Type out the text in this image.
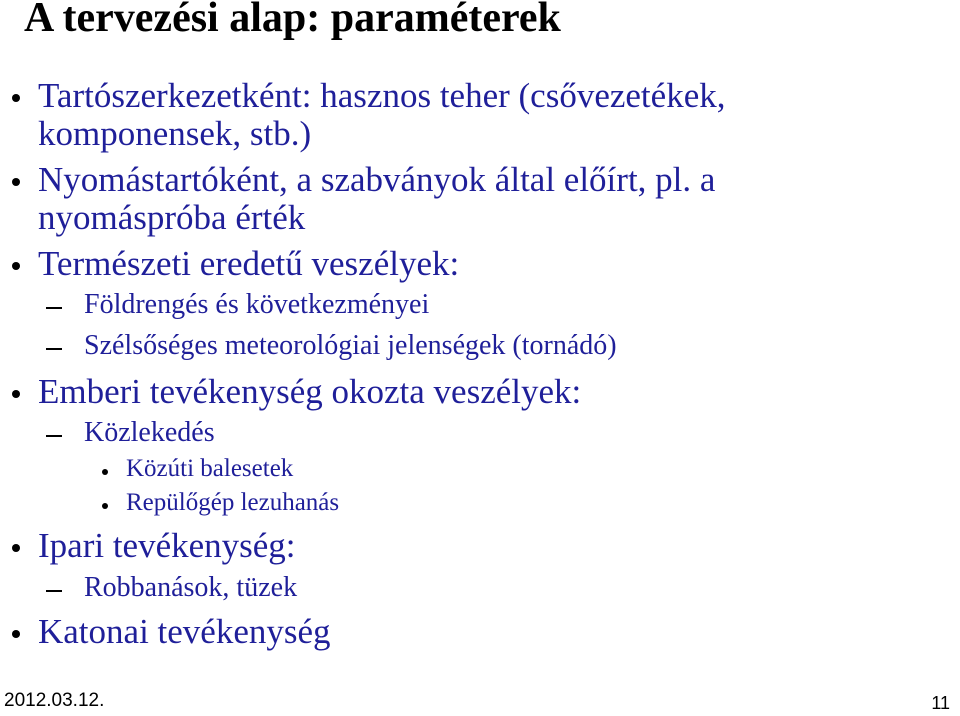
A tervezési alap: paraméterek
Tartószerkezetként: hasznos teher (csővezetékek,
komponensek, stb.)
Nyomástartóként, a szabványok által előírt, pl. a
nyomáspróba érték
Természeti eredetű veszélyek:
Földrengés és következményei
Szélsőséges meteorológiai jelenségek (tornádó)
Emberi tevékenység okozta veszélyek:
Közlekedés
Közúti balesetek
Repülőgép lezuhanás
Ipari tevékenység:
Robbanások, tüzek
Katonai tevékenység
2012.03.12.	11
